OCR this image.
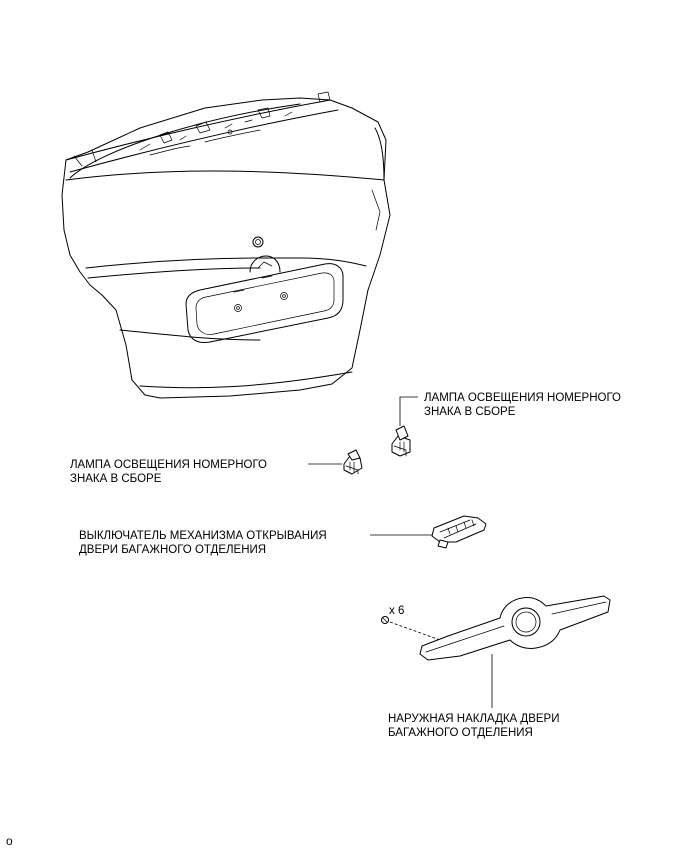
ЛАМПА ОСВЕЩЕНИЯ НОМЕРНОГО
ЗНАКА В СБОРЕ
ЛАМПА ОСВЕЩЕНИЯ НОМЕРНОГО
ЗНАКА В СБОРЕ
ВЫКЛЮЧАТЕЛЬ МЕХАНИЗМА ОТКРЫВАНИЯ
ДВЕРИ БАГАЖНОГО ОТДЕЛЕНИЯ
x 6
НАРУЖНАЯ НАКЛАДКА ДВЕРИ
БАГАЖНОГО ОТДЕЛЕНИЯ
o
